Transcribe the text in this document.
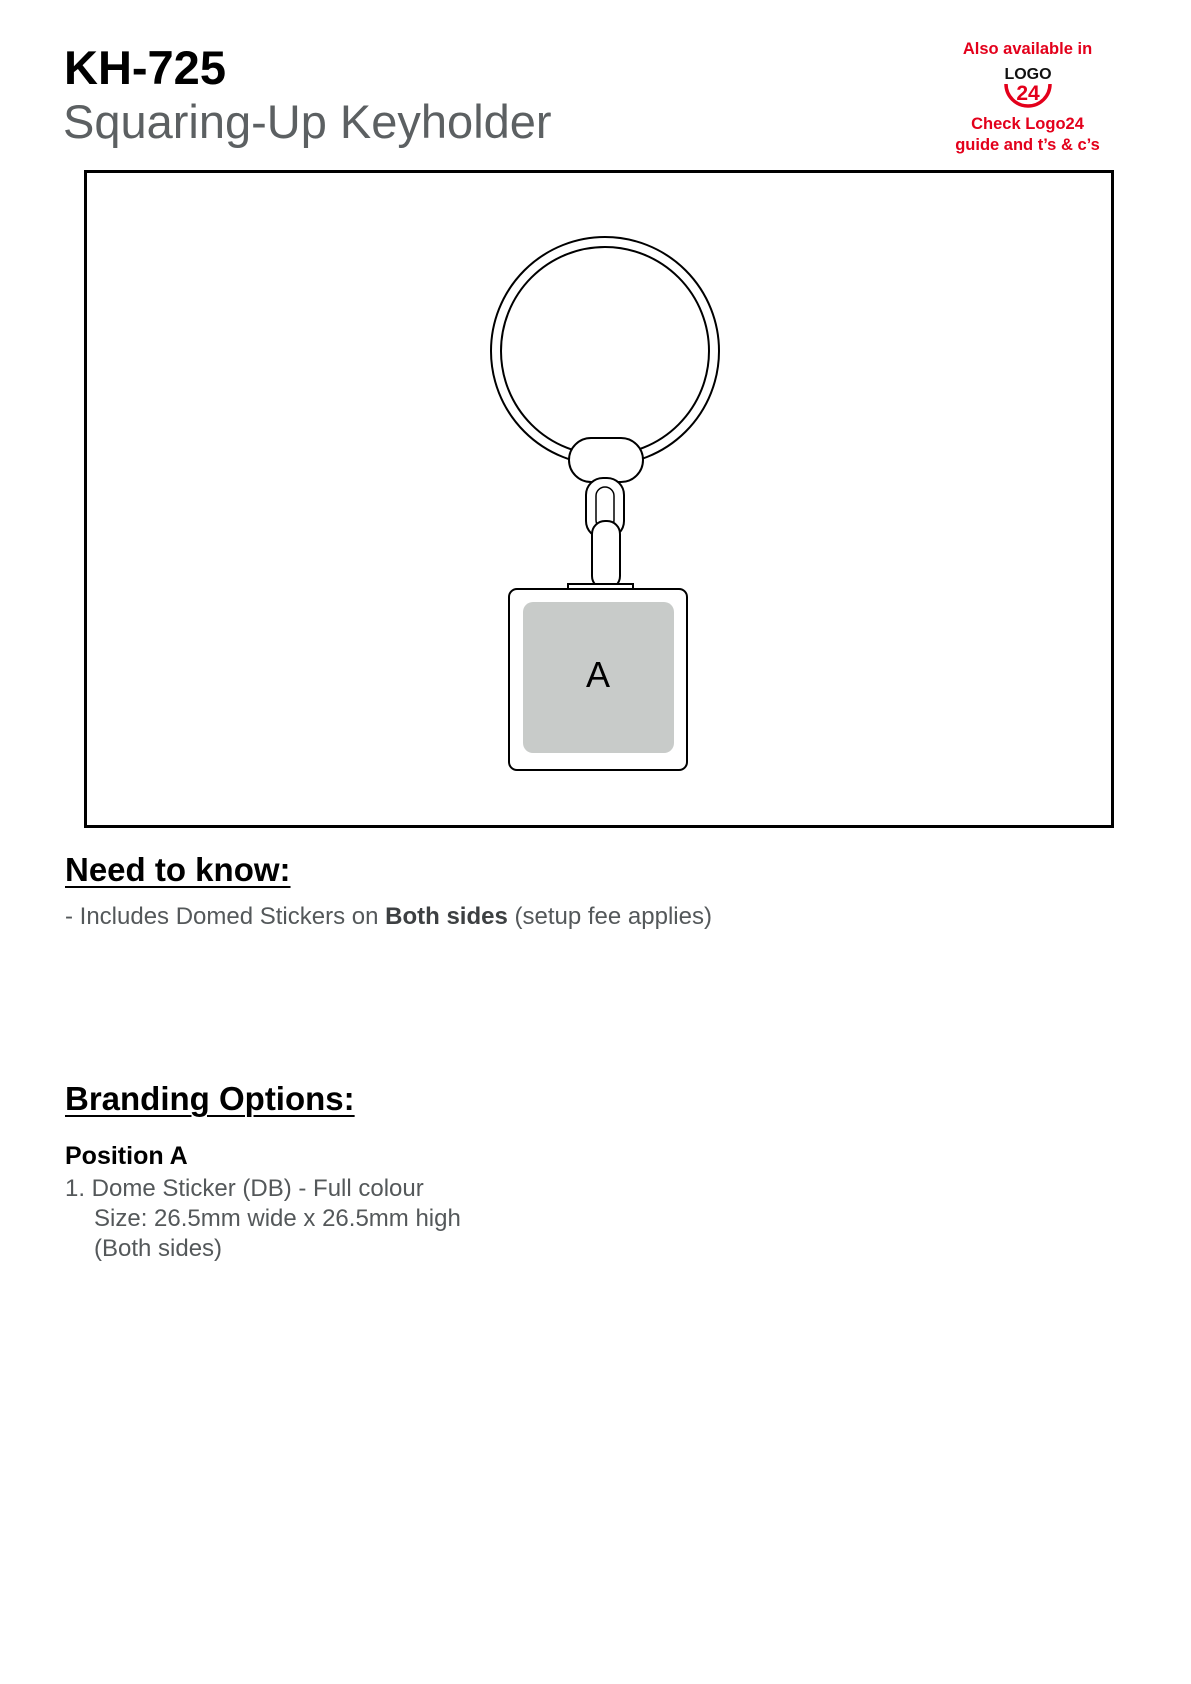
KH-725
Squaring-Up Keyholder
Also available in
LOGO
24
Check Logo24
guide and t’s & c’s
A
Need to know:
- Includes Domed Stickers on Both sides (setup fee applies)
Branding Options:
Position A
1. Dome Sticker (DB) - Full colour
Size: 26.5mm wide x 26.5mm high
(Both sides)
